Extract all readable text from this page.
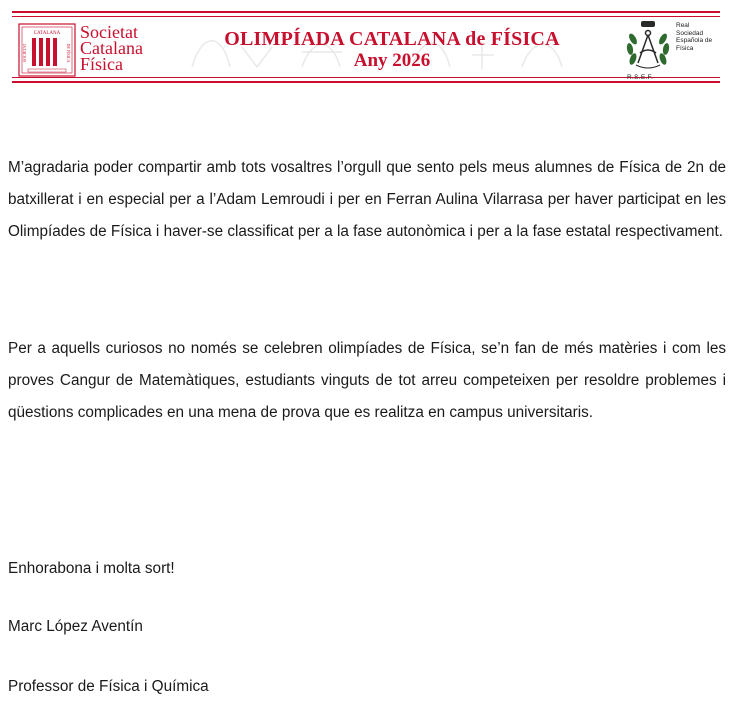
CATALANA
SOCIETAT	DE FÍSICA
Societat
Catalana
Física
OLIMPÍADA CATALANA de FÍSICA
Any 2026
Real
Sociedad
Española de
Física
R.S.E.F.

M’agradaria poder compartir amb tots vosaltres l’orgull que sento pels meus alumnes de Física de 2n de batxillerat i en especial per a l’Adam Lemroudi i per en Ferran Aulina Vilarrasa per haver participat en les Olimpíades de Física i haver-se classificat per a la fase autonòmica i per a la fase estatal respectivament.

Per a aquells curiosos no només se celebren olimpíades de Física, se’n fan de més matèries i com les proves Cangur de Matemàtiques, estudiants vinguts de tot arreu competeixen per resoldre problemes i qüestions complicades en una mena de prova que es realitza en campus universitaris.

Enhorabona i molta sort!

Marc López Aventín

Professor de Física i Química
